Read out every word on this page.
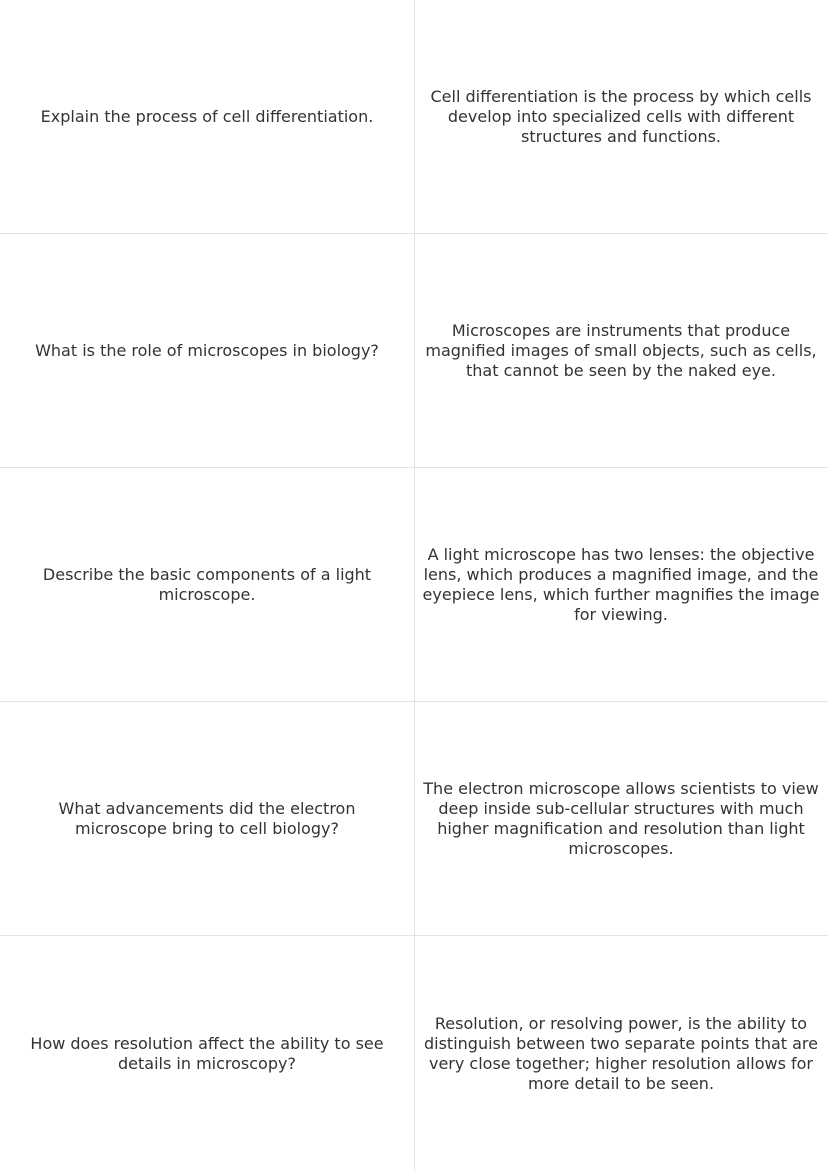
Explain the process of cell differentiation.
Cell differentiation is the process by which cells develop into specialized cells with different structures and functions.
What is the role of microscopes in biology?
Microscopes are instruments that produce magnified images of small objects, such as cells, that cannot be seen by the naked eye.
Describe the basic components of a light microscope.
A light microscope has two lenses: the objective lens, which produces a magnified image, and the eyepiece lens, which further magnifies the image for viewing.
What advancements did the electron microscope bring to cell biology?
The electron microscope allows scientists to view deep inside sub-cellular structures with much higher magnification and resolution than light microscopes.
How does resolution affect the ability to see details in microscopy?
Resolution, or resolving power, is the ability to distinguish between two separate points that are very close together; higher resolution allows for more detail to be seen.
